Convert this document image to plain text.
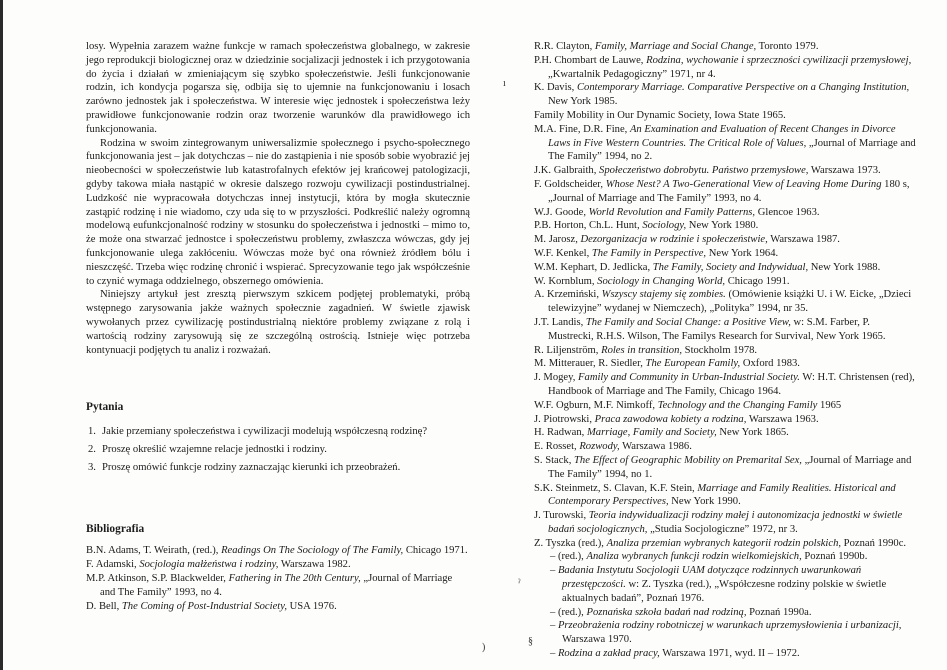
losy. Wypełnia zarazem ważne funkcje w ramach społeczeństwa globalnego, w zakresie jego reprodukcji biologicznej oraz w dziedzinie socjalizacji jednostek i ich przygotowania do życia i działań w zmieniającym się szybko społeczeństwie. Jeśli funkcjonowanie rodzin, ich kondycja pogarsza się, odbija się to ujemnie na funkcjonowaniu i losach zarówno jednostek jak i społeczeństwa. W interesie więc jednostek i społeczeństwa leży prawidłowe funkcjonowanie rodzin oraz tworzenie warunków dla prawidłowego ich funkcjonowania.

Rodzina w swoim zintegrowanym uniwersalizmie społecznego i psycho-społecznego funkcjonowania jest – jak dotychczas – nie do zastąpienia i nie sposób sobie wyobrazić jej nieobecności w społeczeństwie lub katastrofalnych efektów jej krańcowej patologizacji, gdyby takowa miała nastąpić w okresie dalszego rozwoju cywilizacji postindustrialnej. Ludzkość nie wypracowała dotychczas innej instytucji, która by mogła skutecznie zastąpić rodzinę i nie wiadomo, czy uda się to w przyszłości. Podkreślić należy ogromną modelową eufunkcjonalność rodziny w stosunku do społeczeństwa i jednostki – mimo to, że może ona stwarzać jednostce i społeczeństwu problemy, zwłaszcza wówczas, gdy jej funkcjonowanie ulega zakłóceniu. Wówczas może być ona również źródłem bólu i nieszczęść. Trzeba więc rodzinę chronić i wspierać. Sprecyzowanie tego jak współcześnie to czynić wymaga oddzielnego, obszernego omówienia.

Niniejszy artykuł jest zresztą pierwszym szkicem podjętej problematyki, próbą wstępnego zarysowania jakże ważnych społecznie zagadnień. W świetle zjawisk wywołanych przez cywilizację postindustrialną niektóre problemy związane z rolą i wartością rodziny zarysowują się ze szczególną ostrością. Istnieje więc potrzeba kontynuacji podjętych tu analiz i rozważań.

Pytania

1. Jakie przemiany społeczeństwa i cywilizacji modelują współczesną rodzinę?
2. Proszę określić wzajemne relacje jednostki i rodziny.
3. Proszę omówić funkcje rodziny zaznaczając kierunki ich przeobrażeń.

Bibliografia

B.N. Adams, T. Weirath, (red.), Readings On The Sociology of The Family, Chicago 1971.

F. Adamski, Socjologia małżeństwa i rodziny, Warszawa 1982.

M.P. Atkinson, S.P. Blackwelder, Fathering in The 20th Century, „Journal of Marriage and The Family” 1993, no 4.

D. Bell, The Coming of Post-Industrial Society, USA 1976.

ı
ˀ
§
)

R.R. Clayton, Family, Marriage and Social Change, Toronto 1979.

P.H. Chombart de Lauwe, Rodzina, wychowanie i sprzeczności cywilizacji przemysłowej, „Kwartalnik Pedagogiczny” 1971, nr 4.

K. Davis, Contemporary Marriage. Comparative Perspective on a Changing Institution, New York 1985.

Family Mobility in Our Dynamic Society, Iowa State 1965.

M.A. Fine, D.R. Fine, An Examination and Evaluation of Recent Changes in Divorce Laws in Five Western Countries. The Critical Role of Values, „Journal of Marriage and The Family” 1994, no 2.

J.K. Galbraith, Społeczeństwo dobrobytu. Państwo przemysłowe, Warszawa 1973.

F. Goldscheider, Whose Nest? A Two-Generational View of Leaving Home During 180 s, „Journal of Marriage and The Family” 1993, no 4.

W.J. Goode, World Revolution and Family Patterns, Glencoe 1963.

P.B. Horton, Ch.L. Hunt, Sociology, New York 1980.

M. Jarosz, Dezorganizacja w rodzinie i społeczeństwie, Warszawa 1987.

W.F. Kenkel, The Family in Perspective, New York 1964.

W.M. Kephart, D. Jedlicka, The Family, Society and Indywidual, New York 1988.

W. Kornblum, Sociology in Changing World, Chicago 1991.

A. Krzemiński, Wszyscy stajemy się zombies. (Omówienie książki U. i W. Eicke, „Dzieci telewizyjne” wydanej w Niemczech), „Polityka” 1994, nr 35.

J.T. Landis, The Family and Social Change: a Positive View, w: S.M. Farber, P. Mustrecki, R.H.S. Wilson, The Familys Research for Survival, New York 1965.

R. Liljenström, Roles in transition, Stockholm 1978.

M. Mitterauer, R. Siedler, The European Family, Oxford 1983.

J. Mogey, Family and Community in Urban-Industrial Society. W: H.T. Christensen (red), Handbook of Marriage and The Family, Chicago 1964.

W.F. Ogburn, M.F. Nimkoff, Technology and the Changing Family 1965

J. Piotrowski, Praca zawodowa kobiety a rodzina, Warszawa 1963.

H. Radwan, Marriage, Family and Society, New York 1865.

E. Rosset, Rozwody, Warszawa 1986.

S. Stack, The Effect of Geographic Mobility on Premarital Sex, „Journal of Marriage and The Family” 1994, no 1.

S.K. Steinmetz, S. Clavan, K.F. Stein, Marriage and Family Realities. Historical and Contemporary Perspectives, New York 1990.

J. Turowski, Teoria indywidualizacji rodziny małej i autonomizacja jednostki w świetle badań socjologicznych, „Studia Socjologiczne” 1972, nr 3.

Z. Tyszka (red.), Analiza przemian wybranych kategorii rodzin polskich, Poznań 1990c.

– (red.), Analiza wybranych funkcji rodzin wielkomiejskich, Poznań 1990b.

– Badania Instytutu Socjologii UAM dotyczące rodzinnych uwarunkowań przestępczości. w: Z. Tyszka (red.), „Współczesne rodziny polskie w świetle aktualnych badań”, Poznań 1976.

– (red.), Poznańska szkoła badań nad rodziną, Poznań 1990a.

– Przeobrażenia rodziny robotniczej w warunkach uprzemysłowienia i urbanizacji, Warszawa 1970.

– Rodzina a zakład pracy, Warszawa 1971, wyd. II – 1972.
